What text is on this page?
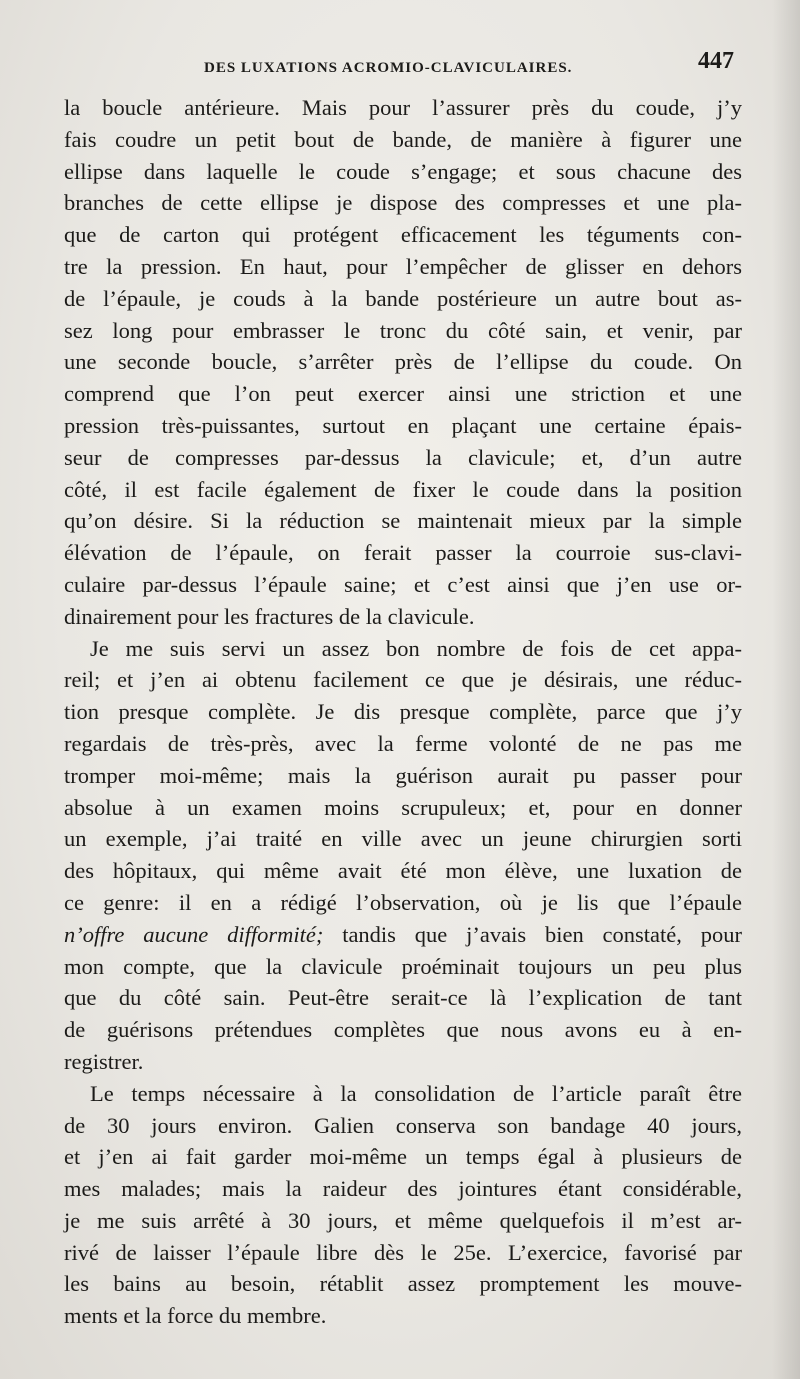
DES LUXATIONS ACROMIO-CLAVICULAIRES.	447
la boucle antérieure. Mais pour l’assurer près du coude, j’y
fais coudre un petit bout de bande, de manière à figurer une
ellipse dans laquelle le coude s’engage; et sous chacune des
branches de cette ellipse je dispose des compresses et une pla-
que de carton qui protégent efficacement les téguments con-
tre la pression. En haut, pour l’empêcher de glisser en dehors
de l’épaule, je couds à la bande postérieure un autre bout as-
sez long pour embrasser le tronc du côté sain, et venir, par
une seconde boucle, s’arrêter près de l’ellipse du coude. On
comprend que l’on peut exercer ainsi une striction et une
pression très-puissantes, surtout en plaçant une certaine épais-
seur de compresses par-dessus la clavicule; et, d’un autre
côté, il est facile également de fixer le coude dans la position
qu’on désire. Si la réduction se maintenait mieux par la simple
élévation de l’épaule, on ferait passer la courroie sus-clavi-
culaire par-dessus l’épaule saine; et c’est ainsi que j’en use or-
dinairement pour les fractures de la clavicule.
Je me suis servi un assez bon nombre de fois de cet appa-
reil; et j’en ai obtenu facilement ce que je désirais, une réduc-
tion presque complète. Je dis presque complète, parce que j’y
regardais de très-près, avec la ferme volonté de ne pas me
tromper moi-même; mais la guérison aurait pu passer pour
absolue à un examen moins scrupuleux; et, pour en donner
un exemple, j’ai traité en ville avec un jeune chirurgien sorti
des hôpitaux, qui même avait été mon élève, une luxation de
ce genre: il en a rédigé l’observation, où je lis que l’épaule
n’offre aucune difformité; tandis que j’avais bien constaté, pour
mon compte, que la clavicule proéminait toujours un peu plus
que du côté sain. Peut-être serait-ce là l’explication de tant
de guérisons prétendues complètes que nous avons eu à en-
registrer.
Le temps nécessaire à la consolidation de l’article paraît être
de 30 jours environ. Galien conserva son bandage 40 jours,
et j’en ai fait garder moi-même un temps égal à plusieurs de
mes malades; mais la raideur des jointures étant considérable,
je me suis arrêté à 30 jours, et même quelquefois il m’est ar-
rivé de laisser l’épaule libre dès le 25e. L’exercice, favorisé par
les bains au besoin, rétablit assez promptement les mouve-
ments et la force du membre.
